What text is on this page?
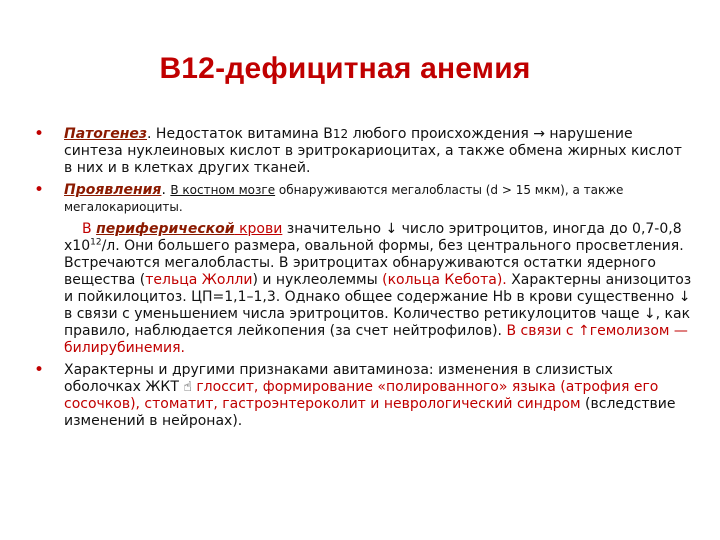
В12-дефицитная анемия
• Патогенез. Недостаток витамина В12 любого происхождения → нарушение синтеза нуклеиновых кислот в эритрокариоцитах, а также обмена жирных кислот в них и в клетках других тканей.
• Проявления. В костном мозге обнаруживаются мегалобласты (d > 15 мкм), а также мегалокариоциты.
В периферической крови значительно ↓ число эритроцитов, иногда до 0,7-0,8 $х10^{12}/л$. Они большего размера, овальной формы, без центрального просветления. Встречаются мегалобласты. В эритроцитах обнаруживаются остатки ядерного вещества (тельца Жолли) и нуклеолеммы (кольца Кебота). Характерны анизоцитоз и пойкилоцитоз. ЦП=1,1–1,3. Однако общее содержание Hb в крови существенно ↓ в связи с уменьшением числа эритроцитов. Количество ретикулоцитов чаще ↓, как правило, наблюдается лейкопения (за счет нейтрофилов). В связи с ↑гемолизом — билирубинемия.
• Характерны и другими признаками авитаминоза: изменения в слизистых оболочках ЖКТ ☝ глоссит, формирование «полированного» языка (атрофия его сосочков), стоматит, гастроэнтероколит и неврологический синдром (вследствие изменений в нейронах).
